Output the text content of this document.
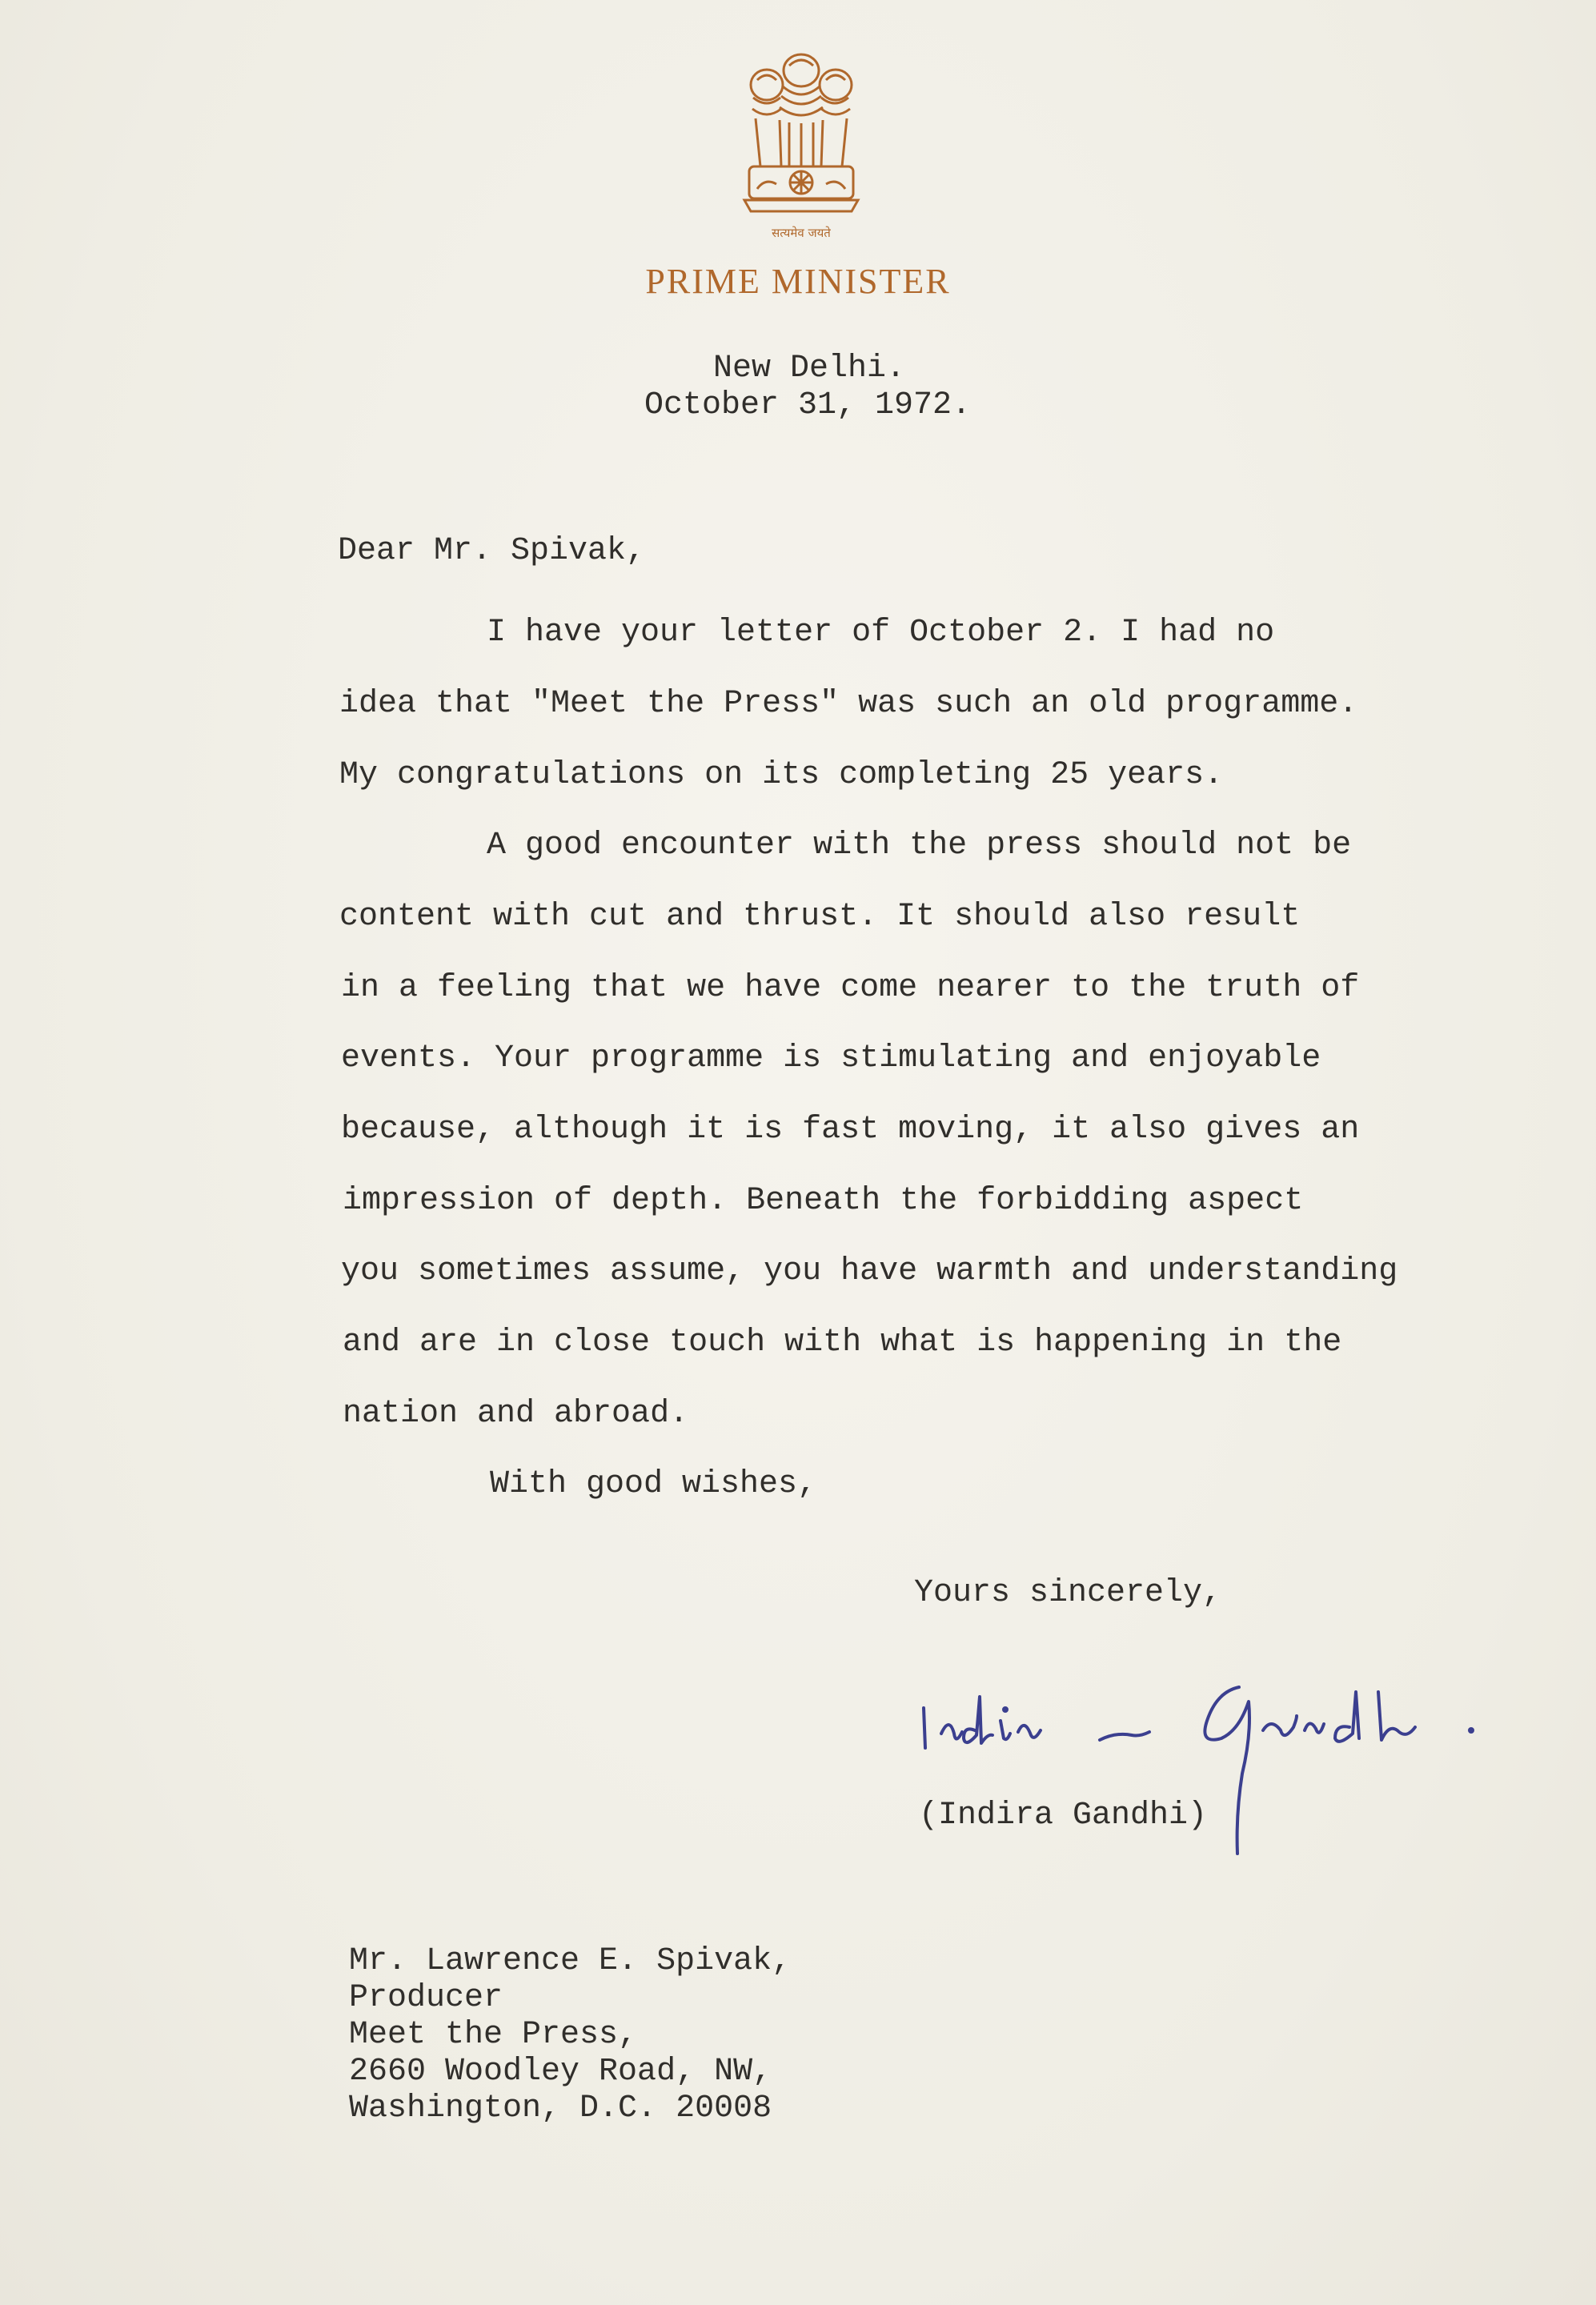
सत्यमेव जयते
PRIME MINISTER
New Delhi.
October 31, 1972.
Dear Mr. Spivak,
I have your letter of October 2. I had no
idea that "Meet the Press" was such an old programme.
My congratulations on its completing 25 years.
A good encounter with the press should not be
content with cut and thrust. It should also result
in a feeling that we have come nearer to the truth of
events. Your programme is stimulating and enjoyable
because, although it is fast moving, it also gives an
impression of depth. Beneath the forbidding aspect
you sometimes assume, you have warmth and understanding
and are in close touch with what is happening in the
nation and abroad.
With good wishes,
Yours sincerely,
(Indira Gandhi)
Mr. Lawrence E. Spivak,
Producer
Meet the Press,
2660 Woodley Road, NW,
Washington, D.C. 20008
